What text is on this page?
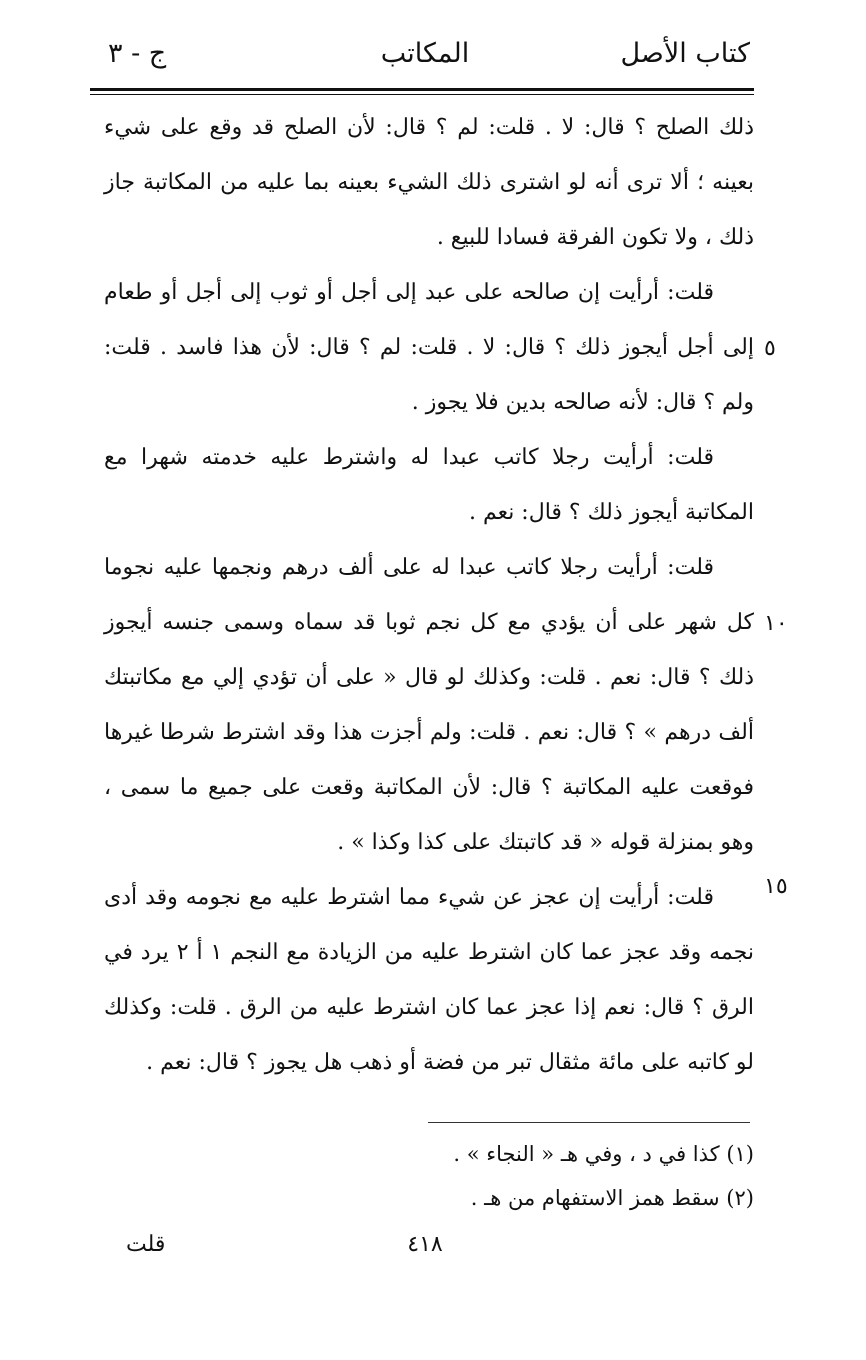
كتاب الأصل
المكاتب
ج - ٣

ذلك الصلح ؟ قال: لا . قلت: لم ؟ قال: لأن الصلح قد وقع على شيء بعينه ؛ ألا ترى أنه لو اشترى ذلك الشيء بعينه بما عليه من المكاتبة جاز ذلك ، ولا تكون الفرقة فسادا للبيع .

قلت: أرأيت إن صالحه على عبد إلى أجل أو ثوب إلى أجل أو طعام إلى أجل أيجوز ذلك ؟ قال: لا . قلت: لم ؟ قال: لأن هذا فاسد . قلت: ولم ؟ قال: لأنه صالحه بدين فلا يجوز .

قلت: أرأيت رجلا كاتب عبدا له واشترط عليه خدمته شهرا مع المكاتبة أيجوز ذلك ؟ قال: نعم .

قلت: أرأيت رجلا كاتب عبدا له على ألف درهم ونجمها عليه نجوما كل شهر على أن يؤدي مع كل نجم ثوبا قد سماه وسمى جنسه أيجوز ذلك ؟ قال: نعم . قلت: وكذلك لو قال « على أن تؤدي إلي مع مكاتبتك ألف درهم » ؟ قال: نعم . قلت: ولم أجزت هذا وقد اشترط شرطا غيرها فوقعت عليه المكاتبة ؟ قال: لأن المكاتبة وقعت على جميع ما سمى ، وهو بمنزلة قوله « قد كاتبتك على كذا وكذا » .

قلت: أرأيت إن عجز عن شيء مما اشترط عليه مع نجومه وقد أدى نجمه وقد عجز عما كان اشترط عليه من الزيادة مع النجم ١ أ ٢ يرد في الرق ؟ قال: نعم إذا عجز عما كان اشترط عليه من الرق . قلت: وكذلك لو كاتبه على مائة مثقال تبر من فضة أو ذهب هل يجوز ؟ قال: نعم .

٥
١٠
١٥

(١) كذا في د ، وفي هـ « النجاء » .

(٢) سقط همز الاستفهام من هـ .

قلت	٤١٨
